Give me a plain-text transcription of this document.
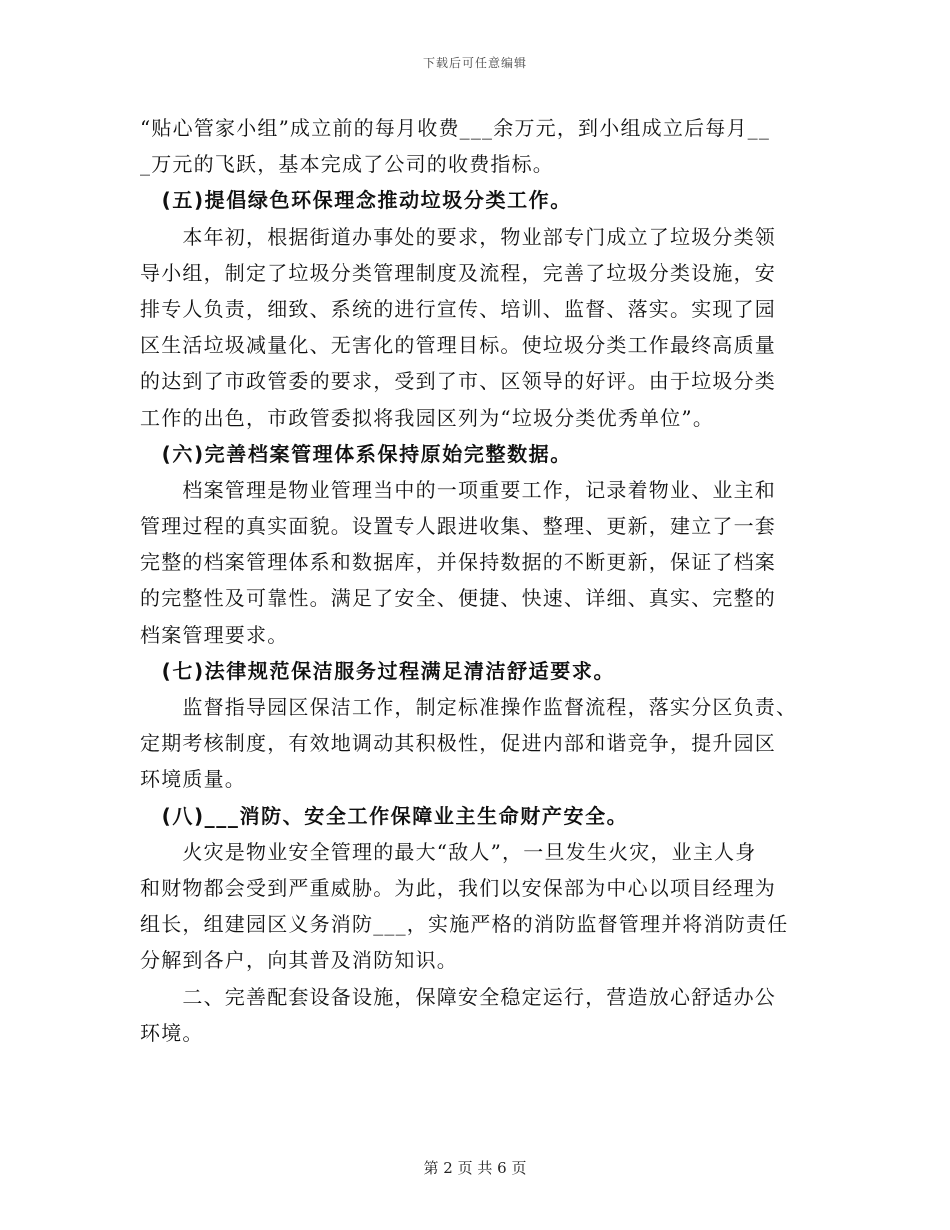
下载后可任意编辑
“贴心管家小组”成立前的每月收费___余万元，到小组成立后每月__
_万元的飞跃，基本完成了公司的收费指标。
　(五)提倡绿色环保理念推动垃圾分类工作。
　　本年初，根据街道办事处的要求，物业部专门成立了垃圾分类领
导小组，制定了垃圾分类管理制度及流程，完善了垃圾分类设施，安
排专人负责，细致、系统的进行宣传、培训、监督、落实。实现了园
区生活垃圾减量化、无害化的管理目标。使垃圾分类工作最终高质量
的达到了市政管委的要求，受到了市、区领导的好评。由于垃圾分类
工作的出色，市政管委拟将我园区列为“垃圾分类优秀单位”。
　(六)完善档案管理体系保持原始完整数据。
　　档案管理是物业管理当中的一项重要工作，记录着物业、业主和
管理过程的真实面貌。设置专人跟进收集、整理、更新，建立了一套
完整的档案管理体系和数据库，并保持数据的不断更新，保证了档案
的完整性及可靠性。满足了安全、便捷、快速、详细、真实、完整的
档案管理要求。
　(七)法律规范保洁服务过程满足清洁舒适要求。
　　监督指导园区保洁工作，制定标准操作监督流程，落实分区负责、
定期考核制度，有效地调动其积极性，促进内部和谐竞争，提升园区
环境质量。
　(八)___消防、安全工作保障业主生命财产安全。
　　火灾是物业安全管理的最大“敌人”，一旦发生火灾，业主人身
和财物都会受到严重威胁。为此，我们以安保部为中心以项目经理为
组长，组建园区义务消防___，实施严格的消防监督管理并将消防责任
分解到各户，向其普及消防知识。
　　二、完善配套设备设施，保障安全稳定运行，营造放心舒适办公
环境。
第 2 页 共 6 页
